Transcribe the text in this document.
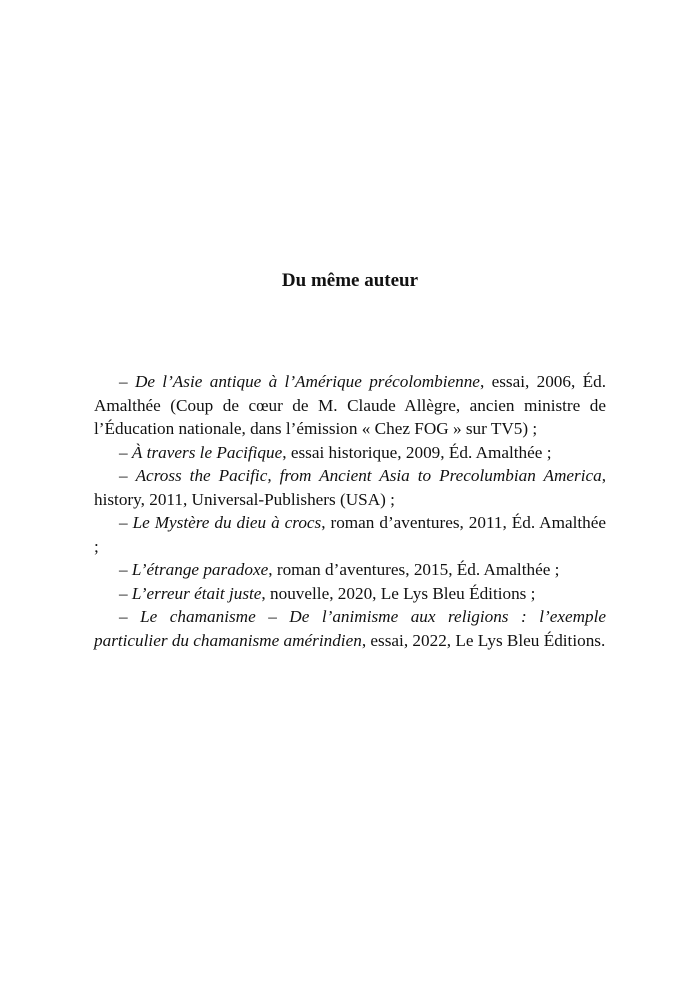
Du même auteur

– De l’Asie antique à l’Amérique précolombienne, essai, 2006, Éd. Amalthée (Coup de cœur de M. Claude Allègre, ancien ministre de l’Éducation nationale, dans l’émission « Chez FOG » sur TV5) ;

– À travers le Pacifique, essai historique, 2009, Éd. Amalthée ;

– Across the Pacific, from Ancient Asia to Precolumbian America, history, 2011, Universal-Publishers (USA) ;

– Le Mystère du dieu à crocs, roman d’aventures, 2011, Éd. Amalthée ;

– L’étrange paradoxe, roman d’aventures, 2015, Éd. Amalthée ;

– L’erreur était juste, nouvelle, 2020, Le Lys Bleu Éditions ;

– Le chamanisme – De l’animisme aux religions : l’exemple particulier du chamanisme amérindien, essai, 2022, Le Lys Bleu Éditions.
